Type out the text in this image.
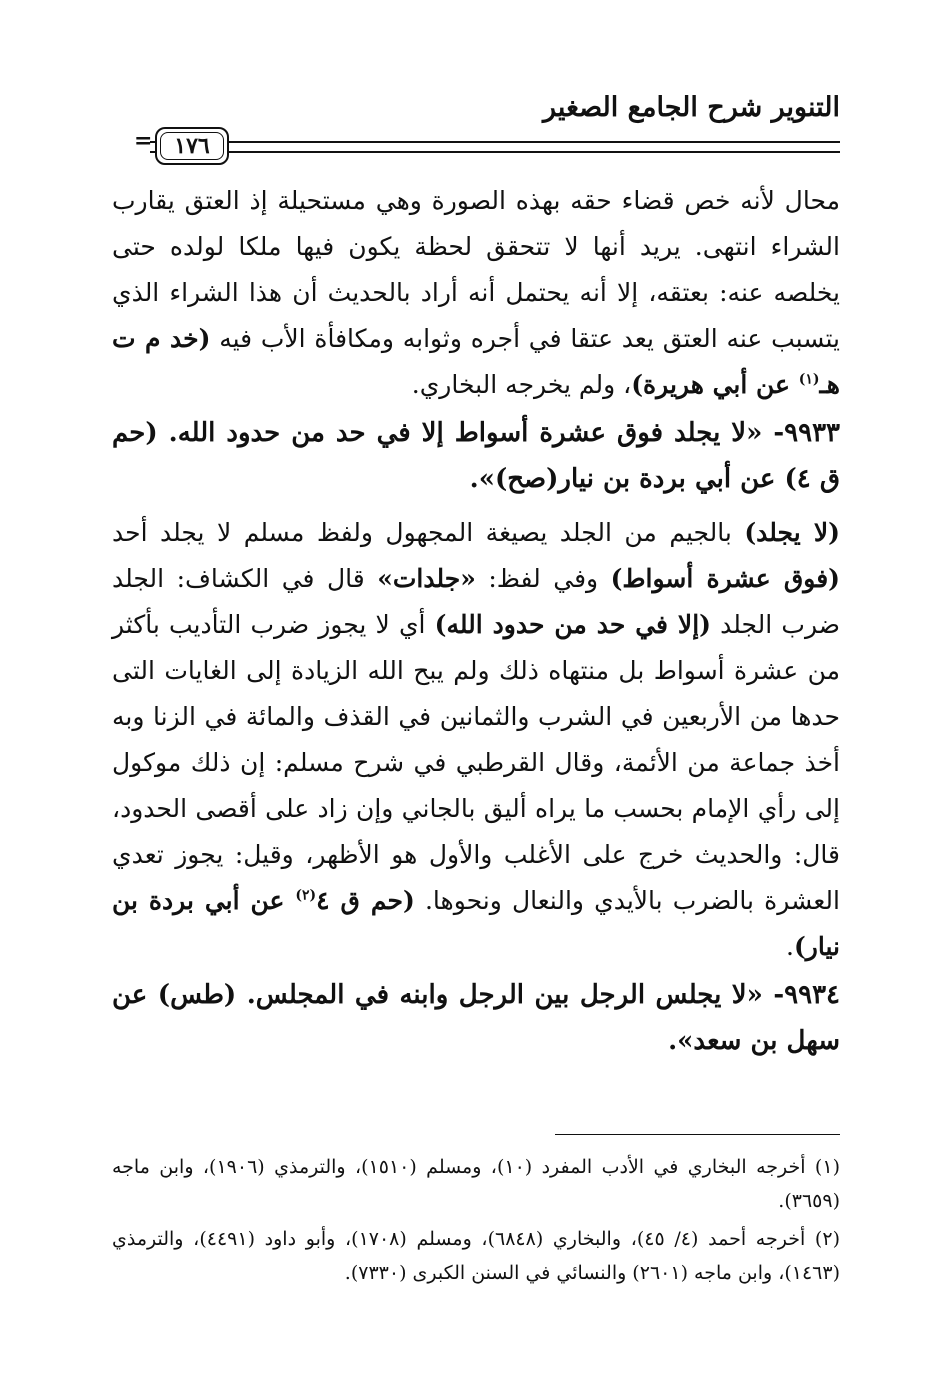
التنوير شرح الجامع الصغير
١٧٦
=

محال لأنه خص قضاء حقه بهذه الصورة وهي مستحيلة إذ العتق يقارب الشراء انتهى. يريد أنها لا تتحقق لحظة يكون فيها ملكا لولده حتى يخلصه عنه: بعتقه، إلا أنه يحتمل أنه أراد بالحديث أن هذا الشراء الذي يتسبب عنه العتق يعد عتقا في أجره وثوابه ومكافأة الأب فيه (خد م ت هـ$^{(١)}$ عن أبي هريرة)، ولم يخرجه البخاري.

٩٩٣٣- «لا يجلد فوق عشرة أسواط إلا في حد من حدود الله. (حم ق ٤) عن أبي بردة بن نيار(صح)».

(لا يجلد) بالجيم من الجلد يصيغة المجهول ولفظ مسلم لا يجلد أحد (فوق عشرة أسواط) وفي لفظ: «جلدات» قال في الكشاف: الجلد ضرب الجلد (إلا في حد من حدود الله) أي لا يجوز ضرب التأديب بأكثر من عشرة أسواط بل منتهاه ذلك ولم يبح الله الزيادة إلى الغايات التى حدها من الأربعين في الشرب والثمانين في القذف والمائة في الزنا وبه أخذ جماعة من الأئمة، وقال القرطبي في شرح مسلم: إن ذلك موكول إلى رأي الإمام بحسب ما يراه أليق بالجاني وإن زاد على أقصى الحدود، قال: والحديث خرج على الأغلب والأول هو الأظهر، وقيل: يجوز تعدي العشرة بالضرب بالأيدي والنعال ونحوها. (حم ق ٤$^{(٢)}$ عن أبي بردة بن نيار).

٩٩٣٤- «لا يجلس الرجل بين الرجل وابنه في المجلس. (طس) عن سهل بن سعد».

(١) أخرجه البخاري في الأدب المفرد (١٠)، ومسلم (١٥١٠)، والترمذي (١٩٠٦)، وابن ماجه (٣٦٥٩).

(٢) أخرجه أحمد (٤/ ٤٥)، والبخاري (٦٨٤٨)، ومسلم (١٧٠٨)، وأبو داود (٤٤٩١)، والترمذي (١٤٦٣)، وابن ماجه (٢٦٠١) والنسائي في السنن الكبرى (٧٣٣٠).
